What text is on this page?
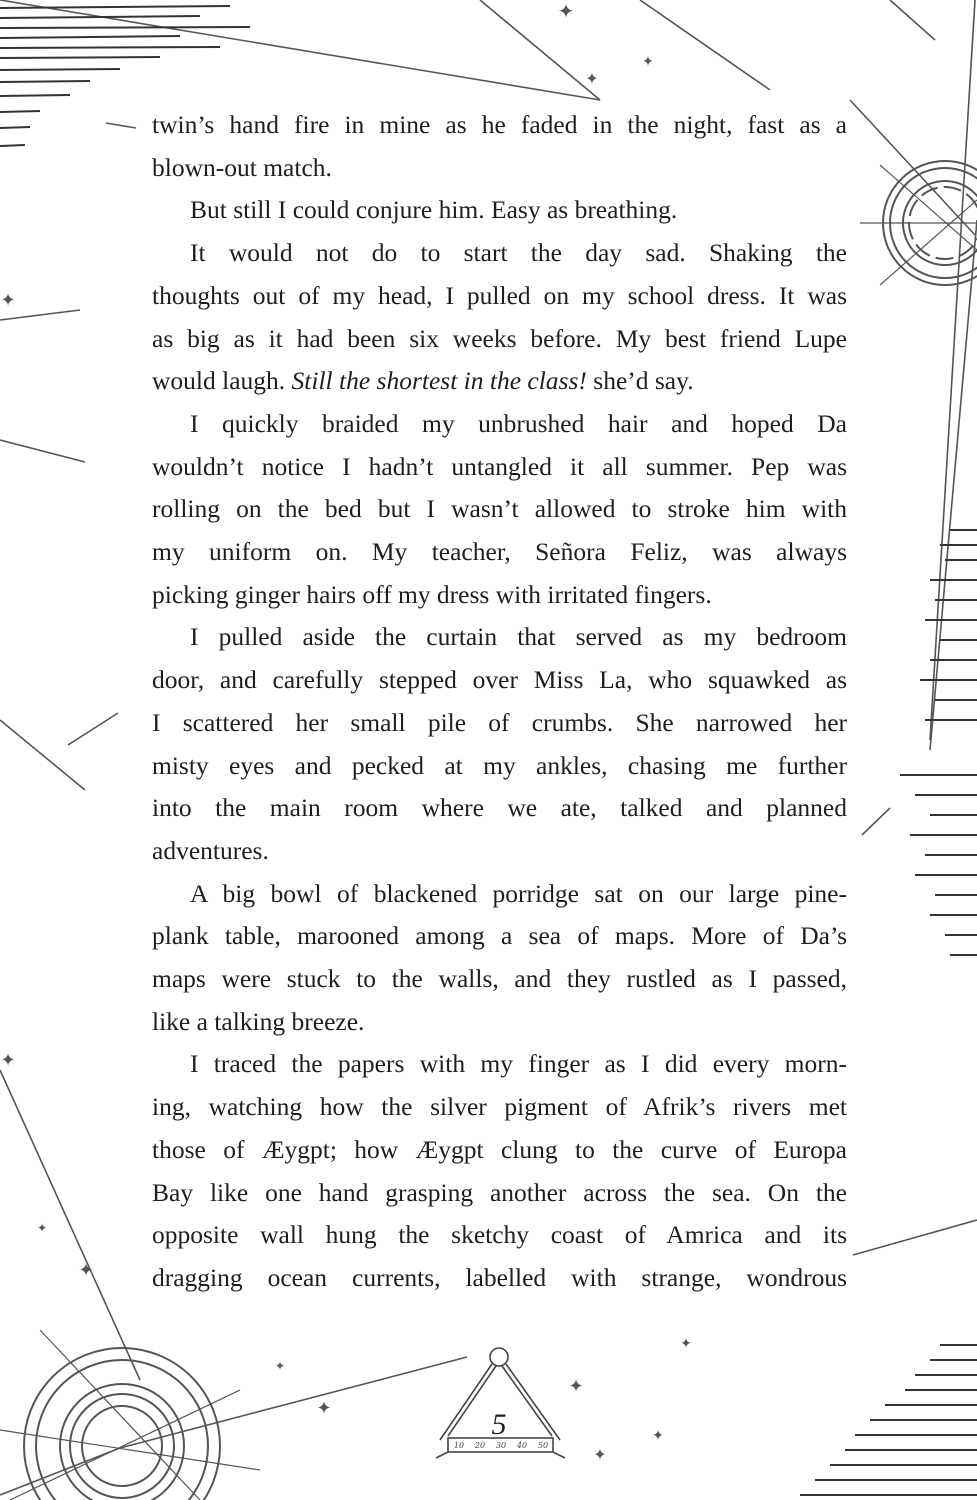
✦
✦
✦
✦
✦
✦
✦
✦
✦
✦
✦
✦
✦
10 20 30 40 50

twin’s hand fire in mine as he faded in the night, fast as a

blown-out match.

But still I could conjure him. Easy as breathing.

It would not do to start the day sad. Shaking the

thoughts out of my head, I pulled on my school dress. It was

as big as it had been six weeks before. My best friend Lupe

would laugh. Still the shortest in the class! she’d say.

I quickly braided my unbrushed hair and hoped Da

wouldn’t notice I hadn’t untangled it all summer. Pep was

rolling on the bed but I wasn’t allowed to stroke him with

my uniform on. My teacher, Señora Feliz, was always

picking ginger hairs off my dress with irritated fingers.

I pulled aside the curtain that served as my bedroom

door, and carefully stepped over Miss La, who squawked as

I scattered her small pile of crumbs. She narrowed her

misty eyes and pecked at my ankles, chasing me further

into the main room where we ate, talked and planned

adventures.

A big bowl of blackened porridge sat on our large pine-

plank table, marooned among a sea of maps. More of Da’s

maps were stuck to the walls, and they rustled as I passed,

like a talking breeze.

I traced the papers with my finger as I did every morn-

ing, watching how the silver pigment of Afrik’s rivers met

those of Æygpt; how Æygpt clung to the curve of Europa

Bay like one hand grasping another across the sea. On the

opposite wall hung the sketchy coast of Amrica and its

dragging ocean currents, labelled with strange, wondrous

5
